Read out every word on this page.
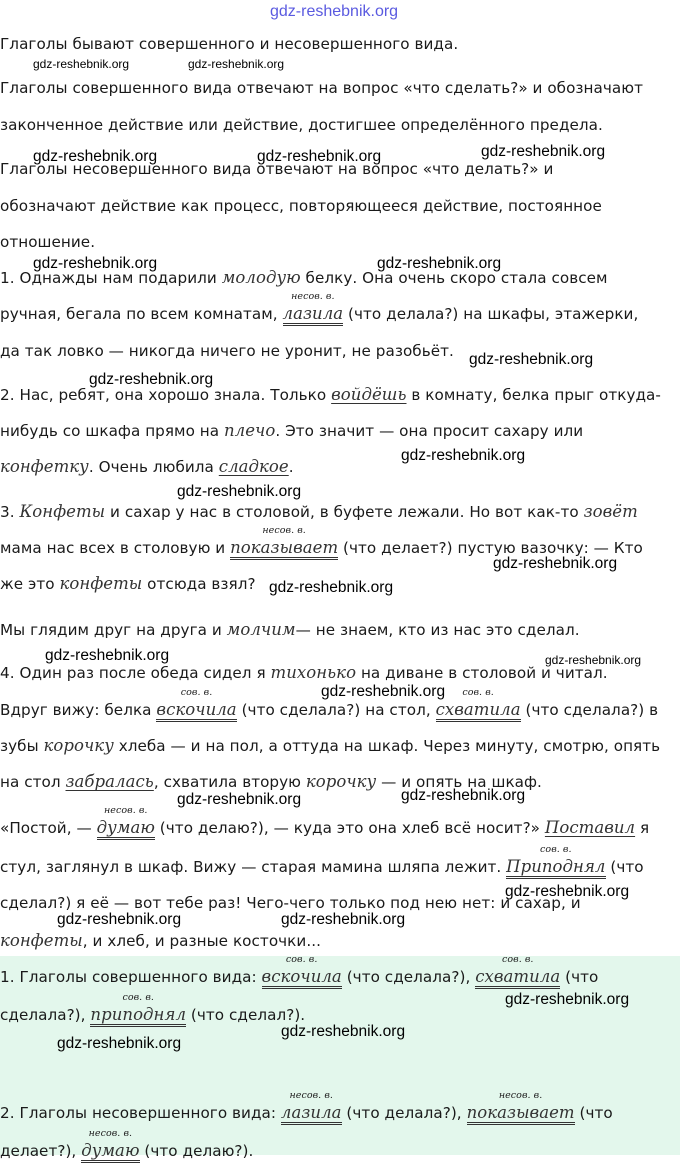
gdz-reshebnik.org
Глаголы бывают совершенного и несовершенного вида.
Глаголы совершенного вида отвечают на вопрос «что сделать?» и обозначают
законченное действие или действие, достигшее определённого предела.
Глаголы несовершенного вида отвечают на вопрос «что делать?» и
обозначают действие как процесс, повторяющееся действие, постоянное
отношение.
1. Однажды нам подарили молодую белку. Она очень скоро стала совсем
ручная, бегала по всем комнатам,
несов. в.
лазила (что делала?) на шкафы, этажерки,
да так ловко — никогда ничего не уронит, не разобьёт.
2. Нас, ребят, она хорошо знала. Только войдёшь в комнату, белка прыг откуда-
нибудь со шкафа прямо на плечо. Это значит — она просит сахару или
конфетку. Очень любила сладкое.
3. Конфеты и сахар у нас в столовой, в буфете лежали. Но вот как-то зовёт
мама нас всех в столовую и
несов. в.
показывает (что делает?) пустую вазочку: — Кто
же это конфеты отсюда взял?
Мы глядим друг на друга и молчим— не знаем, кто из нас это сделал.
4. Один раз после обеда сидел я тихонько на диване в столовой и читал.
Вдруг вижу: белка
сов. в.
вскочила (что сделала?) на стол,
сов. в.
схватила (что сделала?) в
зубы корочку хлеба — и на пол, а оттуда на шкаф. Через минуту, смотрю, опять
на стол забралась, схватила вторую корочку — и опять на шкаф.
«Постой, —
несов. в.
думаю (что делаю?), — куда это она хлеб всё носит?» Поставил я
стул, заглянул в шкаф. Вижу — старая мамина шляпа лежит.
сов. в.
Приподнял (что
сделал?) я её — вот тебе раз! Чего-чего только под нею нет: и сахар, и
конфеты, и хлеб, и разные косточки...
1. Глаголы совершенного вида:
сов. в.
вскочила (что сделала?),
сов. в.
схватила (что
сделала?),
сов. в.
приподнял (что сделал?).
2. Глаголы несовершенного вида:
несов. в.
лазила (что делала?),
несов. в.
показывает (что
делает?),
несов. в.
думаю (что делаю?).
gdz-reshebnik.org	gdz-reshebnik.org
gdz-reshebnik.org	gdz-reshebnik.org	gdz-reshebnik.org
gdz-reshebnik.org	gdz-reshebnik.org
gdz-reshebnik.org
gdz-reshebnik.org
gdz-reshebnik.org
gdz-reshebnik.org
gdz-reshebnik.org
gdz-reshebnik.org
gdz-reshebnik.org	gdz-reshebnik.org
gdz-reshebnik.org
gdz-reshebnik.org
gdz-reshebnik.org
gdz-reshebnik.org
gdz-reshebnik.org	gdz-reshebnik.org
gdz-reshebnik.org
gdz-reshebnik.org
gdz-reshebnik.org
